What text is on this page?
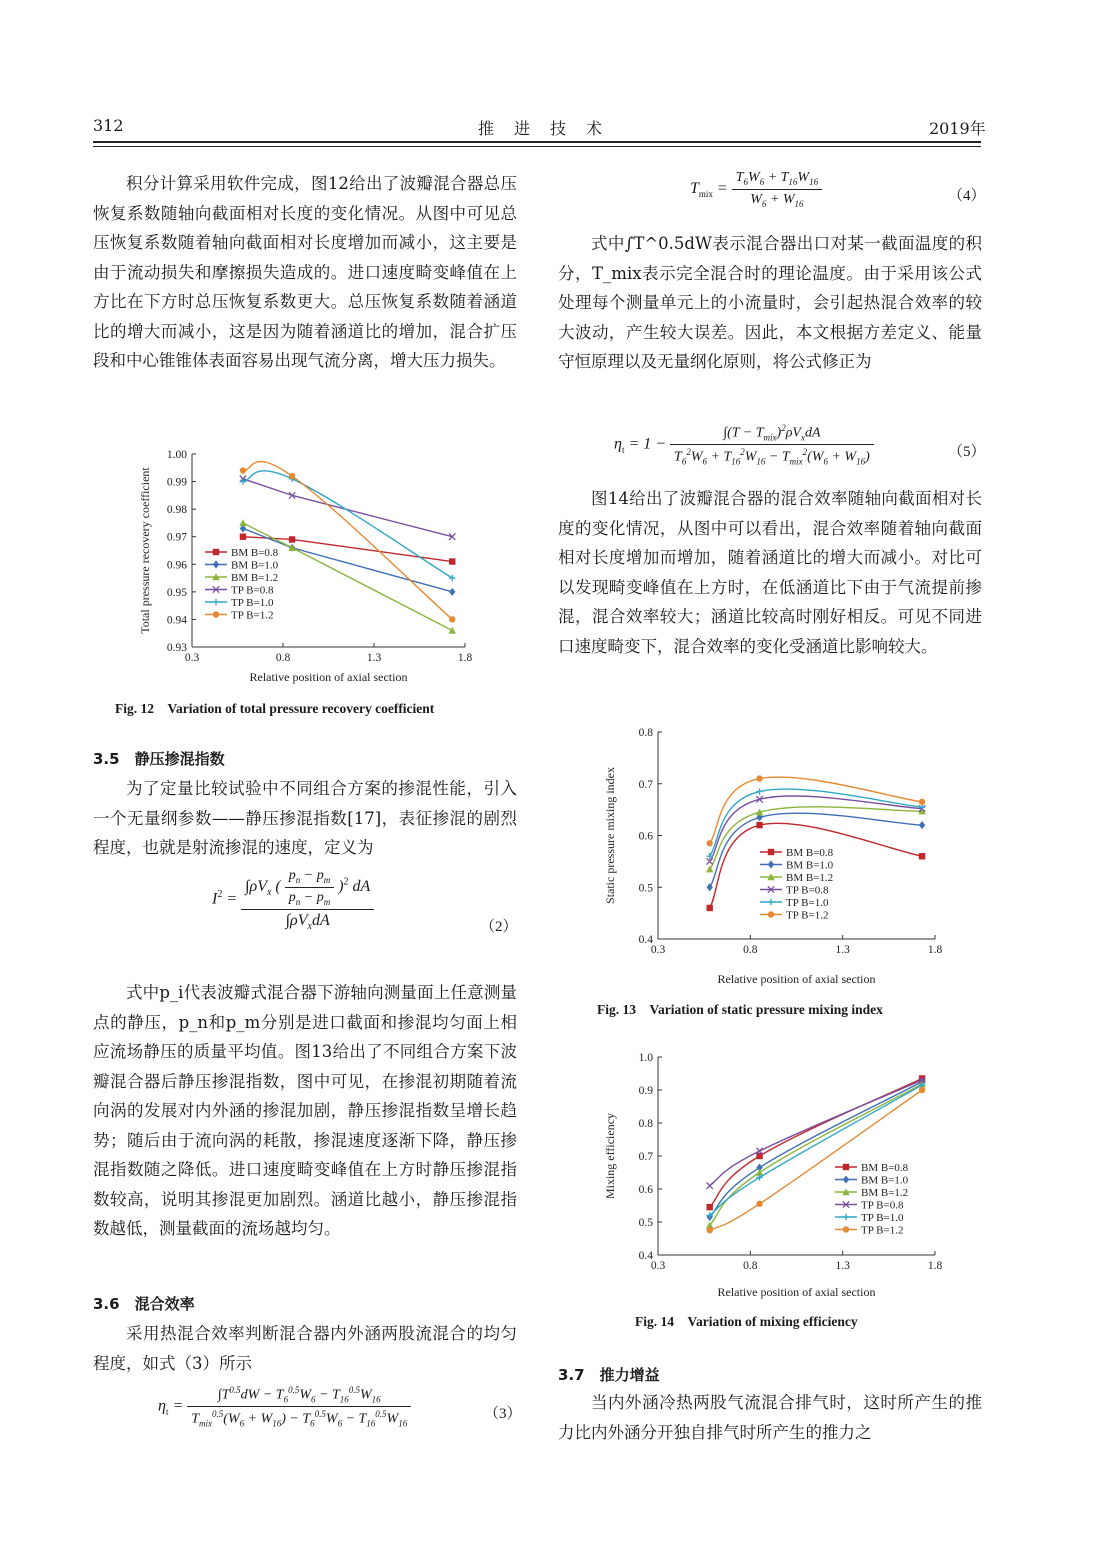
312	推　进　技　术	2019年

积分计算采用软件完成，图12给出了波瓣混合器总压恢复系数随轴向截面相对长度的变化情况。从图中可见总压恢复系数随着轴向截面相对长度增加而减小，这主要是由于流动损失和摩擦损失造成的。进口速度畸变峰值在上方比在下方时总压恢复系数更大。总压恢复系数随着涵道比的增大而减小，这是因为随着涵道比的增加，混合扩压段和中心锥锥体表面容易出现气流分离，增大压力损失。

0.93
0.94
0.95
0.96
0.97
0.98
0.99
1.00
0.3	0.8	1.3	1.8
Relative position of axial section
Total pressure recovery coefficient	BM B=0.8
BM B=1.0
BM B=1.2
TP B=0.8
TP B=1.0
TP B=1.2
Fig. 12　Variation of total pressure recovery coefficient
3.5　静压掺混指数

为了定量比较试验中不同组合方案的掺混性能，引入一个无量纲参数——静压掺混指数[17]，表征掺混的剧烈程度，也就是射流掺混的速度，定义为

$I^2 = \frac{\int\rho V_x ( \frac{p_n - p_m}{p_n - p_m} )^2 dA}{\int\rho V_xdA}$	（2）

式中p_i代表波瓣式混合器下游轴向测量面上任意测量点的静压，p_n和p_m分别是进口截面和掺混均匀面上相应流场静压的质量平均值。图13给出了不同组合方案下波瓣混合器后静压掺混指数，图中可见，在掺混初期随着流向涡的发展对内外涵的掺混加剧，静压掺混指数呈增长趋势；随后由于流向涡的耗散，掺混速度逐渐下降，静压掺混指数随之降低。进口速度畸变峰值在上方时静压掺混指数较高，说明其掺混更加剧烈。涵道比越小，静压掺混指数越低，测量截面的流场越均匀。

3.6　混合效率

采用热混合效率判断混合器内外涵两股流混合的均匀程度，如式（3）所示

$\eta_t = \frac{\int T^{0.5}dW - T_6^{0.5}W_6 - T_{16}^{0.5}W_{16}}{T_{mix}^{0.5}(W_6 + W_{16}) - T_6^{0.5}W_6 - T_{16}^{0.5}W_{16}}$	（3）
$T_{mix} = \frac{T_6W_6 + T_{16}W_{16}}{W_6 + W_{16}}$	（4）

式中∫T^0.5dW表示混合器出口对某一截面温度的积分，T_mix表示完全混合时的理论温度。由于采用该公式处理每个测量单元上的小流量时，会引起热混合效率的较大波动，产生较大误差。因此，本文根据方差定义、能量守恒原理以及无量纲化原则，将公式修正为

$\eta_t = 1 - \frac{\int(T - T_{mix})^2\rho V_xdA}{T_6^2W_6 + T_{16}^2W_{16} - T_{mix}^2(W_6 + W_{16})}$	（5）

图14给出了波瓣混合器的混合效率随轴向截面相对长度的变化情况，从图中可以看出，混合效率随着轴向截面相对长度增加而增加，随着涵道比的增大而减小。对比可以发现畸变峰值在上方时，在低涵道比下由于气流提前掺混，混合效率较大；涵道比较高时刚好相反。可见不同进口速度畸变下，混合效率的变化受涵道比影响较大。

0.4
0.5
0.6
0.7
0.8
0.3	0.8	1.3	1.8
Relative position of axial section
Static pressure mixing index	BM B=0.8
BM B=1.0
BM B=1.2
TP B=0.8
TP B=1.0
TP B=1.2
Fig. 13　Variation of static pressure mixing index
0.4
0.5
0.6
0.7
0.8
0.9
1.0
0.3	0.8	1.3	1.8
Relative position of axial section
Mixing efficiency	BM B=0.8
BM B=1.0
BM B=1.2
TP B=0.8
TP B=1.0
TP B=1.2
Fig. 14　Variation of mixing efficiency
3.7　推力增益

当内外涵冷热两股气流混合排气时，这时所产生的推力比内外涵分开独自排气时所产生的推力之
